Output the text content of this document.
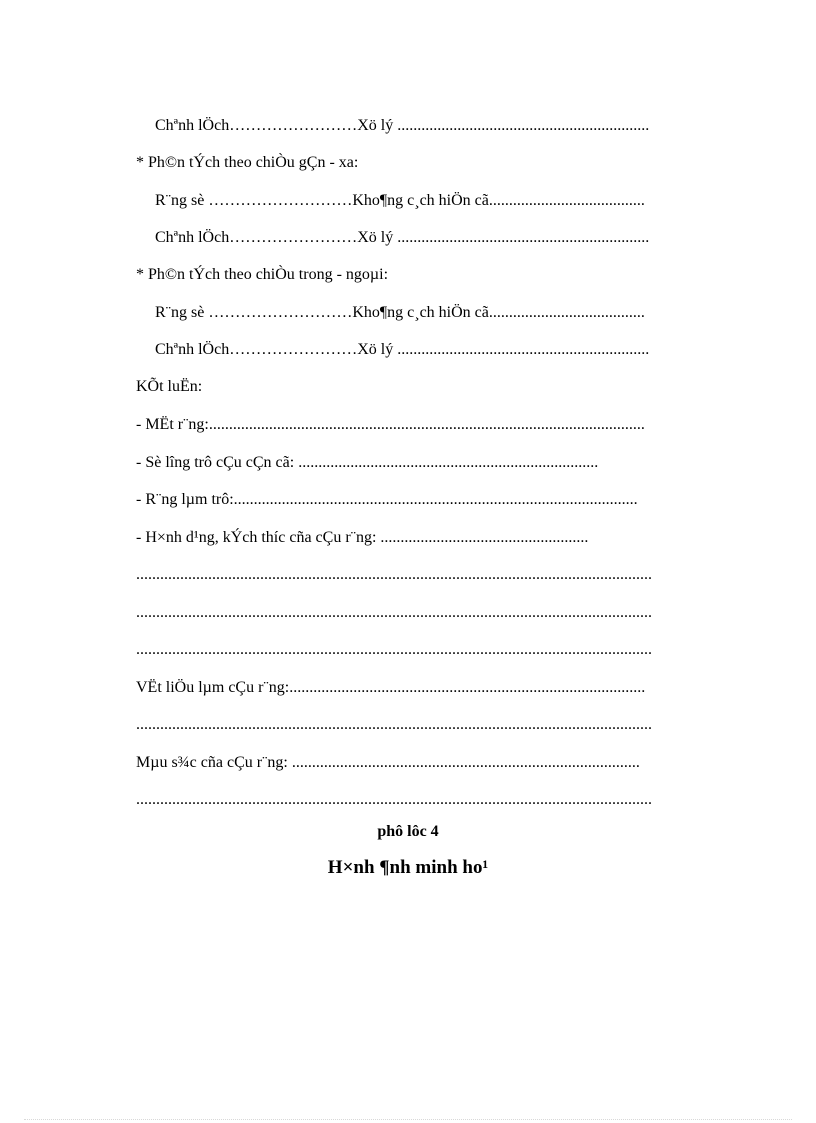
Chªnh lÖch……………………Xö lý ...............................................................
* Ph©n tÝch theo chiÒu gÇn - xa:
R¨ng sè ………………………Kho¶ng c¸ch hiÖn cã.......................................
Chªnh lÖch……………………Xö lý ...............................................................
* Ph©n tÝch theo chiÒu trong - ngoµi:
R¨ng sè ………………………Kho¶ng c¸ch hiÖn cã.......................................
Chªnh lÖch……………………Xö lý ...............................................................
KÕt luËn:
- MËt r¨ng:.............................................................................................................
- Sè lîng trô cÇu cÇn cã: ...........................................................................
- R¨ng lµm trô:.....................................................................................................
- H×nh d¹ng, kÝch thíc cña cÇu r¨ng: ....................................................
.................................................................................................................................
.................................................................................................................................
.................................................................................................................................
VËt liÖu lµm cÇu r¨ng:.........................................................................................
.................................................................................................................................
Mµu s¾c cña cÇu r¨ng: .......................................................................................
.................................................................................................................................
phô lôc 4
H×nh ¶nh minh ho¹
